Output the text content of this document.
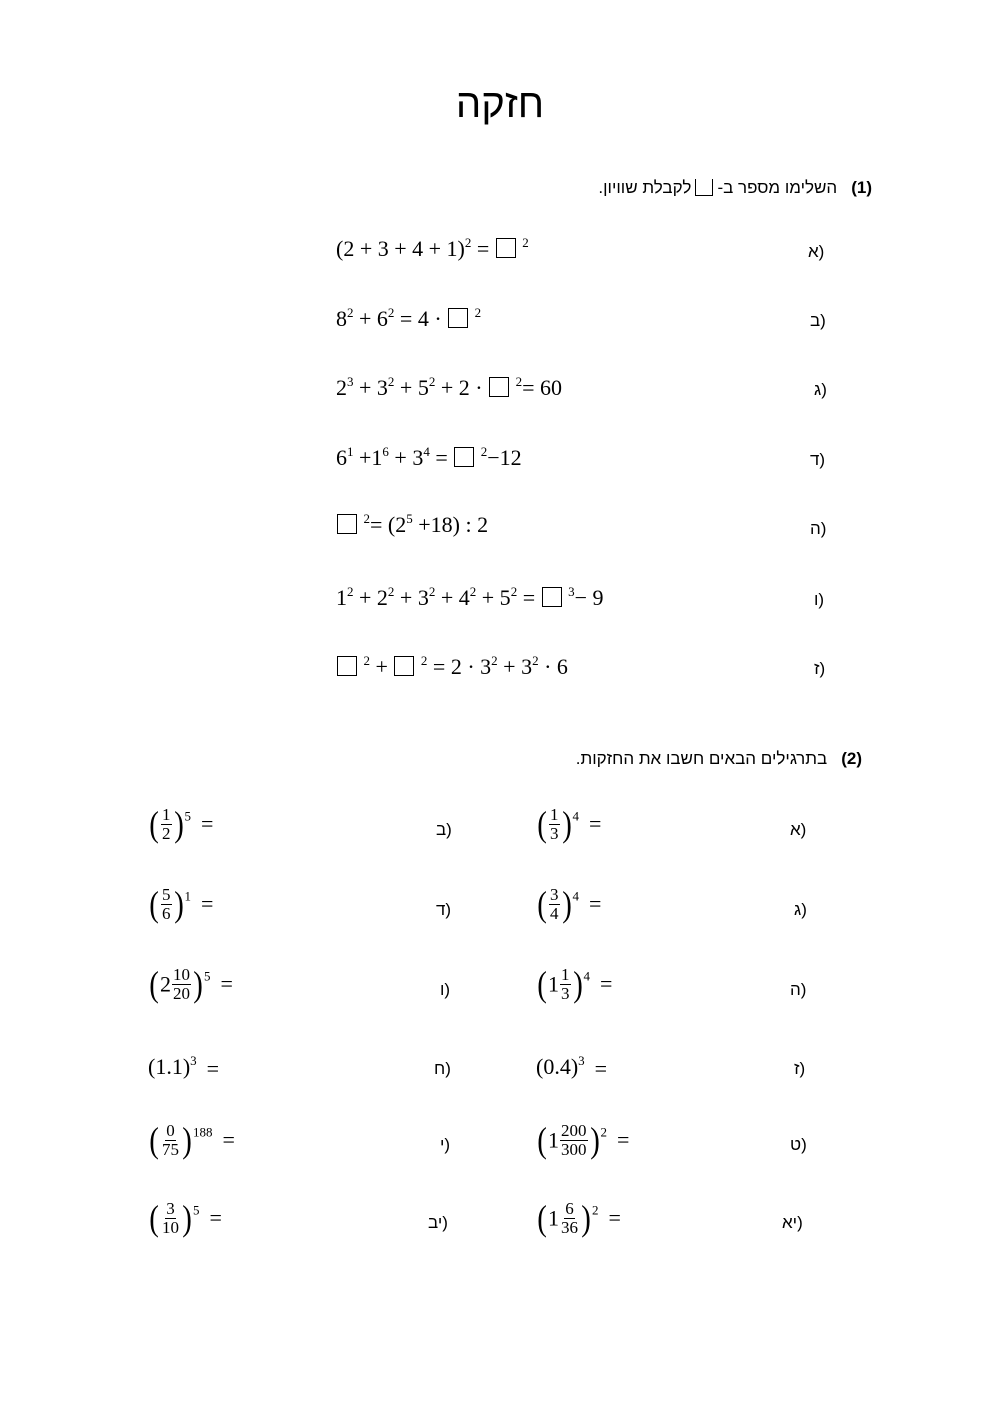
חזקה
(1)השלימו מספר ב-לקבלת שוויון.
(א
(ב
(ג
(ד
(ה
(ו
(ז
$(2 + 3 + 4 + 1)^2 = ^2$
$8^2 + 6^2 = 4 \cdot ^2$
$2^3 + 3^2 + 5^2 + 2 \cdot ^2= 60$
$6^1 +1^6 + 3^4 = ^2-12$
$^2= (2^5 +18)$ : 2
$1^2 + 2^2 + 3^2 + 4^2 + 5^2 = ^3- 9$
$^2 + ^2 = 2 \cdot 3^2 + 3^2 \cdot 6$
(2)בתרגילים הבאים חשבו את החזקות.
(א
(ג
(ה
(ז
(ט
(יא
(ב
(ד
(ו
(ח
(י
(יב
( $\frac{1}{3} )^4$ =
( $\frac{3}{4} )^4$ =
$(1 \frac{1}{3} )^4$ =
$(0.4)^3$ =
$(1 \frac{200}{300} )^2$ =
$(1 \frac{6}{36} )^2$ =
( $\frac{1}{2} )^5$ =
( $\frac{5}{6} )^1$ =
$(2 \frac{10}{20} )^5$ =
$(1.1)^3$ =
( $\frac{0}{75} )^{188}$ =
( $\frac{3}{10} )^5$ =
